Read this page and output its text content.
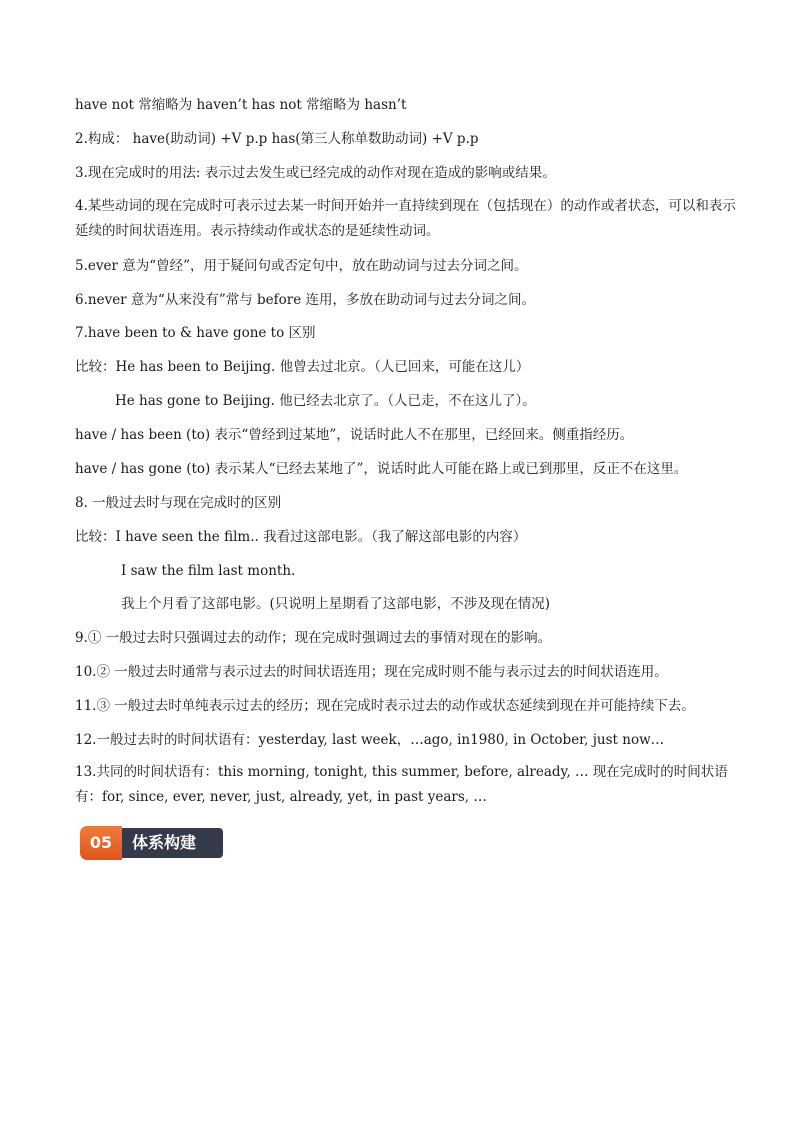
have not 常缩略为 haven’t has not 常缩略为 hasn’t
2.构成： have(助动词) +V p.p has(第三人称单数助动词) +V p.p
3.现在完成时的用法: 表示过去发生或已经完成的动作对现在造成的影响或结果。
4.某些动词的现在完成时可表示过去某一时间开始并一直持续到现在（包括现在）的动作或者状态，可以和表示延续的时间状语连用。表示持续动作或状态的是延续性动词。
5.ever 意为“曾经”，用于疑问句或否定句中，放在助动词与过去分词之间。
6.never 意为“从来没有”常与 before 连用，多放在助动词与过去分词之间。
7.have been to & have gone to 区别
比较：He has been to Beijing. 他曾去过北京。（人已回来，可能在这儿）
He has gone to Beijing. 他已经去北京了。（人已走，不在这儿了）。
have / has been (to) 表示“曾经到过某地”，说话时此人不在那里，已经回来。侧重指经历。
have / has gone (to) 表示某人“已经去某地了”，说话时此人可能在路上或已到那里，反正不在这里。
8. 一般过去时与现在完成时的区别
比较：I have seen the film.. 我看过这部电影。（我了解这部电影的内容）
I saw the film last month.
我上个月看了这部电影。(只说明上星期看了这部电影，不涉及现在情况)
9.① 一般过去时只强调过去的动作；现在完成时强调过去的事情对现在的影响。
10.② 一般过去时通常与表示过去的时间状语连用；现在完成时则不能与表示过去的时间状语连用。
11.③ 一般过去时单纯表示过去的经历；现在完成时表示过去的动作或状态延续到现在并可能持续下去。
12.一般过去时的时间状语有：yesterday, last week，…ago, in1980, in October, just now…
13.共同的时间状语有：this morning, tonight, this summer, before, already, … 现在完成时的时间状语有：for, since, ever, never, just, already, yet, in past years, …
05	体系构建
